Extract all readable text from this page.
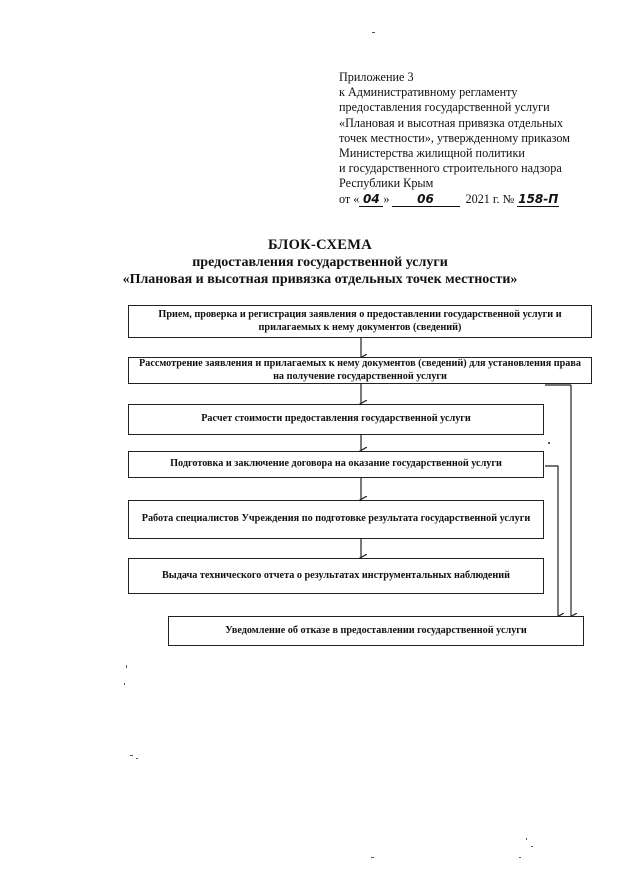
Приложение 3
к Административному регламенту
предоставления государственной услуги
«Плановая и высотная привязка отдельных
точек местности», утвержденному приказом
Министерства жилищной политики
и государственного строительного надзора
Республики Крым
от « 04 » 06	2021 г. № 158-П
БЛОК-СХЕМА
предоставления государственной услуги
«Плановая и высотная привязка отдельных точек местности»
Прием, проверка и регистрация заявления о предоставлении государственной услуги и прилагаемых к нему документов (сведений)
Рассмотрение заявления и прилагаемых к нему документов (сведений) для установления права на получение государственной услуги
Расчет стоимости предоставления государственной услуги
Подготовка и заключение договора на оказание государственной услуги
Работа специалистов Учреждения по подготовке результата государственной услуги
Выдача технического отчета о результатах инструментальных наблюдений
Уведомление об отказе в предоставлении государственной услуги
